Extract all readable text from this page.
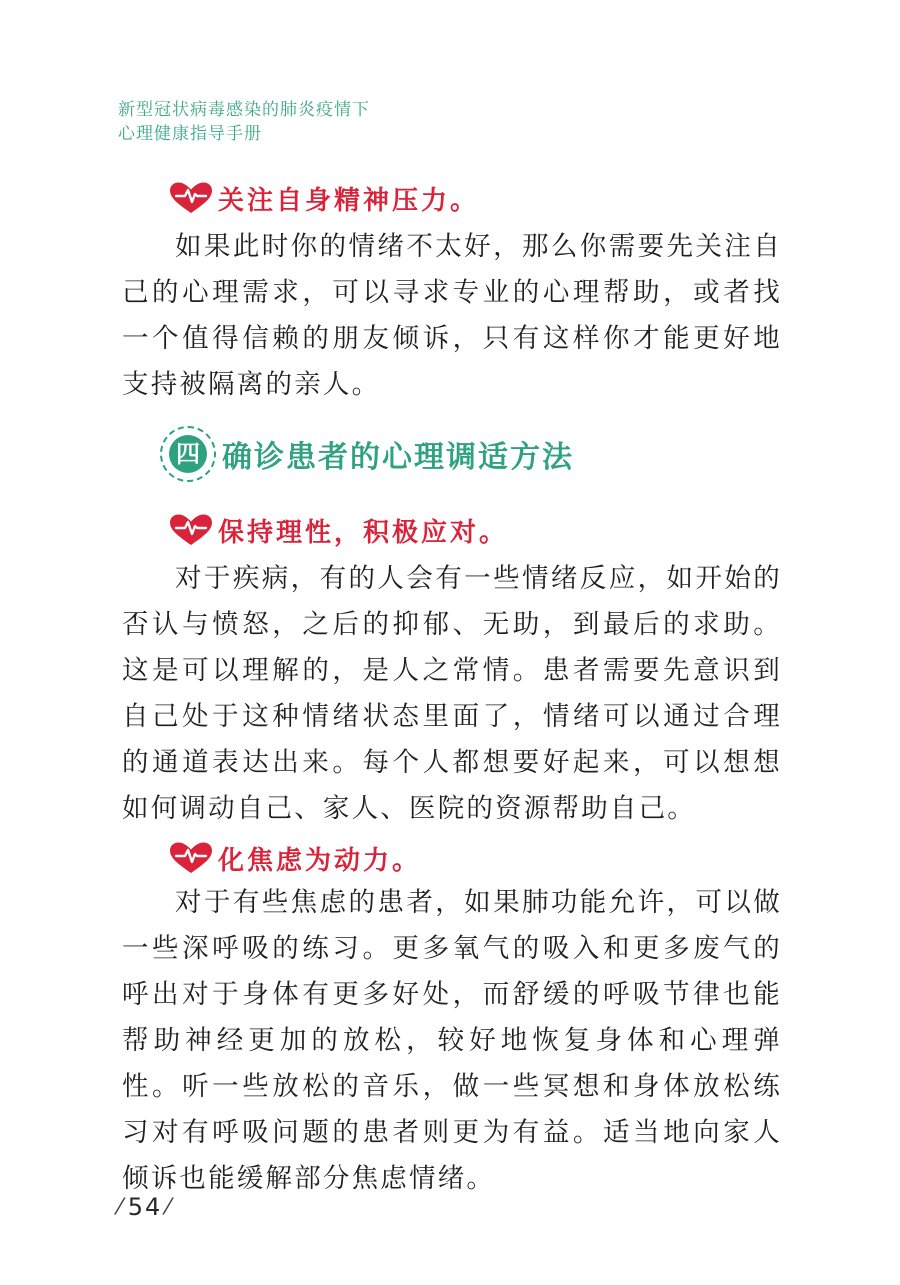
新型冠状病毒感染的肺炎疫情下
心理健康指导手册
关注自身精神压力。

如果此时你的情绪不太好，那么你需要先关注自己的心理需求，可以寻求专业的心理帮助，或者找一个值得信赖的朋友倾诉，只有这样你才能更好地支持被隔离的亲人。

四 确诊患者的心理调适方法
保持理性，积极应对。

对于疾病，有的人会有一些情绪反应，如开始的否认与愤怒，之后的抑郁、无助，到最后的求助。这是可以理解的，是人之常情。患者需要先意识到自己处于这种情绪状态里面了，情绪可以通过合理的通道表达出来。每个人都想要好起来，可以想想如何调动自己、家人、医院的资源帮助自己。

化焦虑为动力。

对于有些焦虑的患者，如果肺功能允许，可以做一些深呼吸的练习。更多氧气的吸入和更多废气的呼出对于身体有更多好处，而舒缓的呼吸节律也能帮助神经更加的放松，较好地恢复身体和心理弹性。听一些放松的音乐，做一些冥想和身体放松练习对有呼吸问题的患者则更为有益。适当地向家人倾诉也能缓解部分焦虑情绪。

⁄ 54 ⁄
